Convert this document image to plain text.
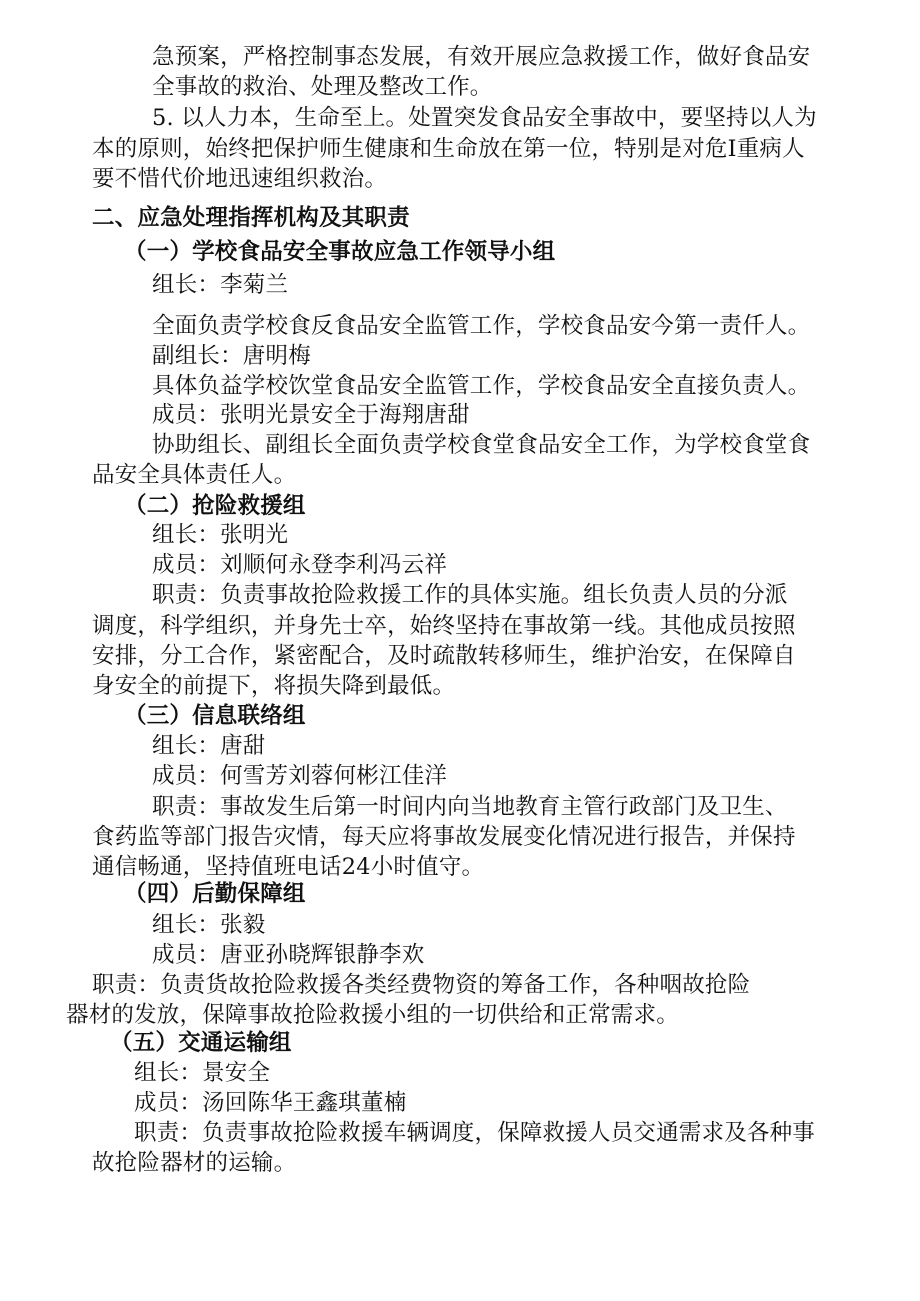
急预案，严格控制事态发展，有效开展应急救援工作，做好食品安

全事故的救治、处理及整改工作。

5. 以人力本，生命至上。处置突发食品安全事故中，要坚持以人为

本的原则，始终把保护师生健康和生命放在第一位，特别是对危I重病人

要不惜代价地迅速组织救治。

二、应急处理指挥机构及其职责

（一）学校食品安全事故应急工作领导小组

组长：李菊兰

全面负责学校食反食品安全监管工作，学校食品安今第一责仟人。

副组长：唐明梅

具体负益学校饮堂食品安全监管工作，学校食品安全直接负责人。

成员：张明光景安全于海翔唐甜

协助组长、副组长全面负责学校食堂食品安全工作，为学校食堂食

品安全具体责任人。

（二）抢险救援组

组长：张明光

成员：刘顺何永登李利冯云祥

职责：负责事故抢险救援工作的具体实施。组长负责人员的分派

调度，科学组织，并身先士卒，始终坚持在事故第一线。其他成员按照

安排，分工合作，紧密配合，及时疏散转移师生，维护治安，在保障自

身安全的前提下，将损失降到最低。

（三）信息联络组

组长：唐甜

成员：何雪芳刘蓉何彬江佳洋

职责：事故发生后第一时间内向当地教育主管行政部门及卫生、

食药监等部门报告灾情，每天应将事故发展变化情况进行报告，并保持

通信畅通，坚持值班电话24小时值守。

（四）后勤保障组

组长：张毅

成员：唐亚孙晓辉银静李欢

职责：负责货故抢险救援各类经费物资的筹备工作，各种咽故抢险

器材的发放，保障事故抢险救援小组的一切供给和正常需求。

（五）交通运输组

组长：景安全

成员：汤回陈华王鑫琪董楠

职责：负责事故抢险救援车辆调度，保障救援人员交通需求及各种事

故抢险器材的运输。
